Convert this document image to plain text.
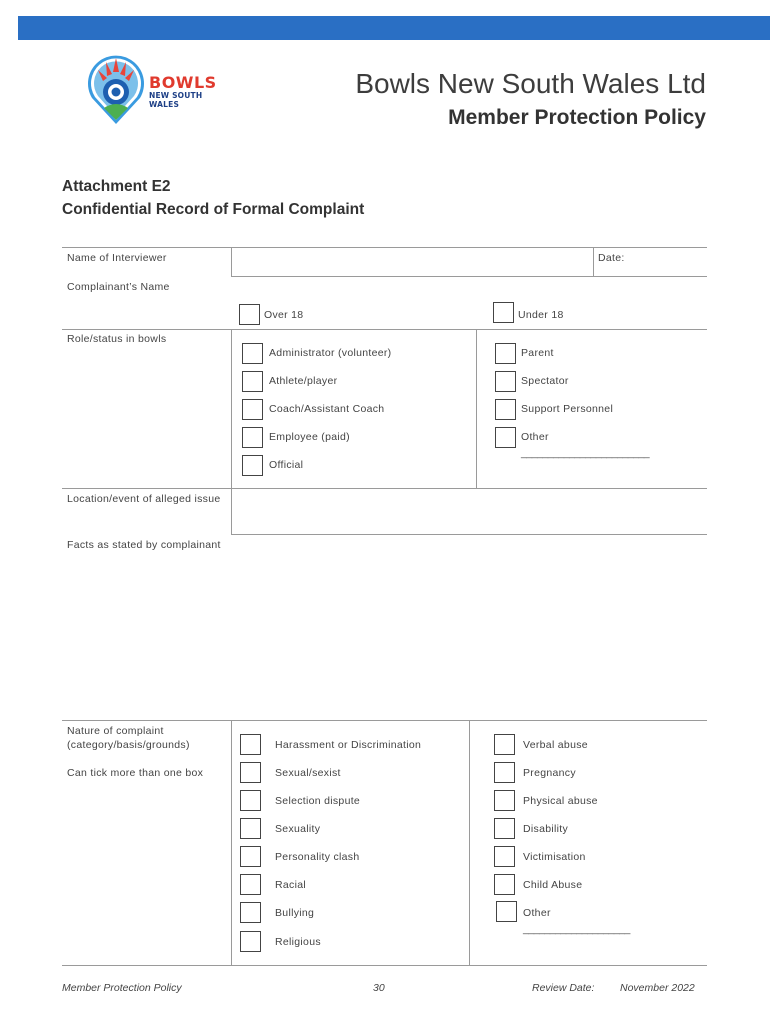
BOWLS
NEW SOUTH WALES
Bowls New South Wales Ltd
Member Protection Policy
Attachment E2
Confidential Record of Formal Complaint
Name of Interviewer	Date:
Complainant’s Name
Over 18	Under 18
Role/status in bowls
Administrator (volunteer)
Athlete/player
Coach/Assistant Coach
Employee (paid)
Official
Parent
Spectator
Support Personnel
Other
________________________
Location/event of alleged issue
Facts as stated by complainant
Nature of complaint (category/basis/grounds)
Can tick more than one box
Harassment or Discrimination
Sexual/sexist
Selection dispute
Sexuality
Personality clash
Racial
Bullying
Religious
Verbal abuse
Pregnancy
Physical abuse
Disability
Victimisation
Child Abuse
Other
____________________
Member Protection Policy	30	Review Date: November 2022
